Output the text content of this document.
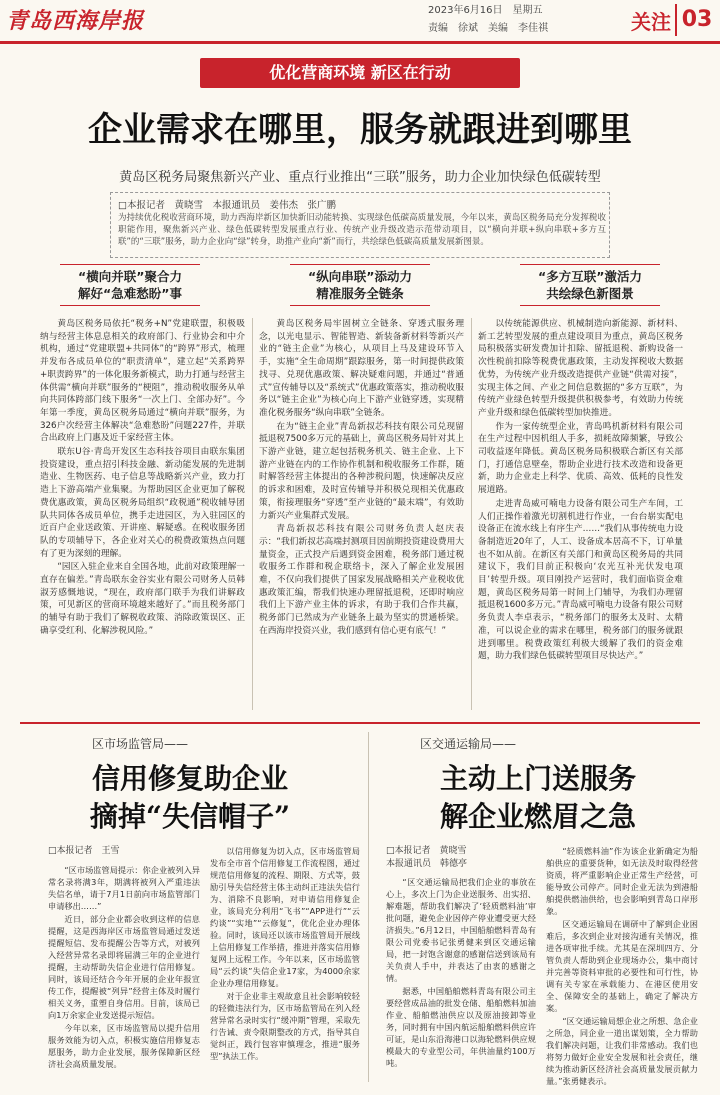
青岛西海岸报	2023年6月16日　星期五
责编　徐斌　美编　李佳祺	关注 03
优化营商环境 新区在行动
企业需求在哪里，服务就跟进到哪里
黄岛区税务局聚焦新兴产业、重点行业推出“三联”服务，助力企业加快绿色低碳转型
□本报记者　黄晓雪　本报通讯员　姜伟杰　张广鹏
为持续优化税收营商环境，助力西海岸新区加快新旧动能转换、实现绿色低碳高质量发展，今年以来，黄岛区税务局充分发挥税收职能作用，聚焦新兴产业、绿色低碳转型发展重点行业、传统产业升级改造示范带动项目，以“横向并联+纵向串联+多方互联”的“三联”服务，助力企业向“绿”转身，助推产业向“新”而行，共绘绿色低碳高质量发展新图景。
“横向并联”聚合力
解好“急难愁盼”事
“纵向串联”添动力
精准服务全链条
“多方互联”激活力
共绘绿色新图景

黄岛区税务局依托“税务+N”党建联盟，积极吸纳与经营主体息息相关的政府部门、行业协会和中介机构，通过“党建联盟+共同体”的“跨界”形式，梳理并发布各成员单位的“职责清单”，建立起“关系跨界+职责跨界”的一体化服务新模式，助力打通与经营主体供需“横向并联”服务的“梗阻”，推动税收服务从单向共同体跨部门线下服务“一次上门、全部办好”。今年第一季度，黄岛区税务局通过“横向并联”服务，为326户次经营主体解决“急难愁盼”问题227件，并联合出政府上门惠及近千家经营主体。

联东U谷·青岛开发区生态科技谷项目由联东集团投资建设，重点招引科技金融、新动能发展的先进制造业、生物医药、电子信息等战略新兴产业，致力打造上下游高端产业集聚。为帮助园区企业更加了解税费优惠政策，黄岛区税务局组织“政税通”税收辅导团队共同体各成员单位，携手走进园区，为入驻园区的近百户企业送政策、开讲座、解疑惑。在税收服务团队的专项辅导下，各企业对关心的税费政策热点问题有了更为深刻的理解。

“园区入驻企业来自全国各地，此前对政策理解一直存在偏差。”青岛联东金谷实业有限公司财务人员韩淑芳感慨地说，“现在，政府部门联手为我们讲解政策，可见新区的营商环境越来越好了。”而且税务部门的辅导有助于我们了解税收政策、消除政策误区、正确享受红利、化解涉税风险。”

黄岛区税务局牢固树立全链条、穿透式服务理念，以光电显示、智能智造、新装备新材料等新兴产业的“链主企业”为核心，从项目上马及建设环节入手，实施“全生命周期”跟踪服务，第一时间提供政策找寻、兑现优惠政策、解决疑难问题，并通过“普通式”宣传辅导以及“系统式”优惠政策落实，推动税收服务以“链主企业”为核心向上下游产业链穿透，实现精准化税务服务“纵向串联”全链条。

在为“链主企业”青岛新叔芯科技有限公司兑现留抵退税7500多万元的基础上，黄岛区税务局针对其上下游产业链，建立起包括税务机关、链主企业、上下游产业链在内的工作协作机制和税收服务工作群，随时解答经营主体提出的各种涉税问题，快速解决反应的诉求和困难，及时宣传辅导并积极兑现相关优惠政策，衔接理服务“穿透”至产业链的“最末端”，有效助力新兴产业集群式发展。

青岛新叔芯科技有限公司财务负责人赵庆表示：“我们新叔芯高端封测项目因前期投资建设费用大量资金，正式投产后遇到资金困难，税务部门通过税收服务工作群和税企联络卡，深入了解企业发展困难，不仅向我们提供了国家发展战略相关产业税收优惠政策汇编，帮我们快速办理留抵退税，还即时响应我们上下游产业主体的诉求，有助于我们合作共赢，税务部门已然成为产业链条上最为坚实的贯通桥梁。在西海岸投资兴业，我们感到有信心更有底气！”

以传统能源供应、机械制造向新能源、新材料、新工艺转型发展的重点建设项目为重点，黄岛区税务局积极落实研发费加计扣除、留抵退税、新购设备一次性税前扣除等税费优惠政策，主动发挥税收大数据优势，为传统产业升级改造提供产业链“供需对接”，实现主体之间、产业之间信息数据的“多方互联”，为传统产业绿色转型升级提供积极参考，有效助力传统产业升级和绿色低碳转型加快推进。

作为一家传统型企业，青岛鸣机新材料有限公司在生产过程中因机组人手多，损耗故障频繁，导致公司收益逐年降低。黄岛区税务局积极联合新区有关部门，打通信息壁垒，帮助企业进行技术改造和设备更新，助力企业走上科学、优质、高效、低耗的良性发展道路。

走进青岛威可喃电力设备有限公司生产车间，工人们正操作着激光切割机进行作业，一台台崭实配电设备正在流水线上有序生产……“我们从事传统电力设备制造近20年了，人工、设备成本居高不下，订单量也不如从前。在新区有关部门和黄岛区税务局的共同建议下，我们目前正积极向‘农光互补光伏发电项目’转型升级。项目刚投产运营时，我们面临资金难题，黄岛区税务局第一时间上门辅导，为我们办理留抵退税1600多万元。”青岛威可喃电力设备有限公司财务负责人李卓表示，“税务部门的服务太及时、太精准，可以说企业的需求在哪里，税务部门的服务就跟进到哪里。税费政策红利极大缓解了我们的资金难题，助力我们绿色低碳转型项目尽快达产。”

区市场监管局——
信用修复助企业
摘掉“失信帽子”
□本报记者　王雪

“区市场监管局提示：你企业被列入异常名录将满3年，期满将被列入严重违法失信名单，请于7月1日前向市场监管部门申请移出……”

近日，部分企业都会收到这样的信息提醒，这是西海岸区市场监管局通过发送提醒短信、发布提醒公告等方式，对被列入经营异常名录即将届满三年的企业进行提醒，主动帮助失信企业进行信用修复。同时，该局还结合今年开展的企业年报宣传工作，提醒被“列异”经营主体及时履行相关义务，重塑自身信用。目前，该局已向1万余家企业发送提示短信。

今年以来，区市场监管局以提升信用服务效能为切入点，积极实施信用修复志愿服务，助力企业发展，服务保障新区经济社会高质量发展。

以信用修复为切入点，区市场监管局发布全市首个信用修复工作流程图，通过规范信用修复的流程、期限、方式等，鼓励引导失信经营主体主动纠正违法失信行为、消除不良影响，对申请信用修复企业，该局充分利用“飞书”“APP进行”“云约谈”“实地”“云修复”，优化企业办理体验。同时，该局还以该市场监管局开展线上信用修复工作举措，推进并落实信用修复网上远程工作。今年以来，区市场监管局“云约谈”失信企业17家，为4000余家企业办理信用修复。

对于企业非主观故意且社会影响较轻的轻微违法行为，区市场监管局在列入经营异常名录时实行“缓冲期”管理，采取先行告诫、责令限期整改的方式，指导其自觉纠正，践行包容审慎理念，推进“服务型”执法工作。

区交通运输局——
主动上门送服务
解企业燃眉之急
□本报记者　黄晓雪
本报通讯员　韩德亭

“区交通运输局把我们企业的事放在心上，多次上门为企业送服务、出实招、解难题，帮助我们解决了‘轻质燃料油’审批问题，避免企业因停产停业遭受更大经济损失。”6月12日，中国船舶燃料青岛有限公司党委书记张勇健来到区交通运输局，把一封饱含谢意的感谢信送到该局有关负责人手中，并表达了由衷的感谢之情。

据悉，中国船舶燃料青岛有限公司主要经营成品油的批发仓储、船舶燃料加油作业、船舶燃油供应以及原油接卸等业务，同时拥有中国内航运船舶燃料供应许可证，是山东沿海港口以海轮燃料供应规模最大的专业型公司，年供油量约100万吨。

“轻质燃料油”作为该企业新确定为船舶供应的重要货种，如无法及时取得经营资质，将严重影响企业正常生产经营，可能导致公司停产。同时企业无法为到港船舶提供燃油供给，也会影响到青岛口岸形象。

区交通运输局在调研中了解到企业困难后，多次到企业对接沟通有关情况，推进各项审批手续。尤其是在深圳四方、分管负责人帮助到企业现场办公，集中商讨并完善等资料审批的必要性和可行性，协调有关专家在承载能力、在港区使用安全、保障安全的基础上，确定了解决方案。

“区交通运输局想企业之所想、急企业之所急，同企业一道出谋划策，全力帮助我们解决问题，让我们非常感动。我们也将努力做好企业安全发展和社会责任，继续为推动新区经济社会高质量发展贡献力量。”张勇健表示。
